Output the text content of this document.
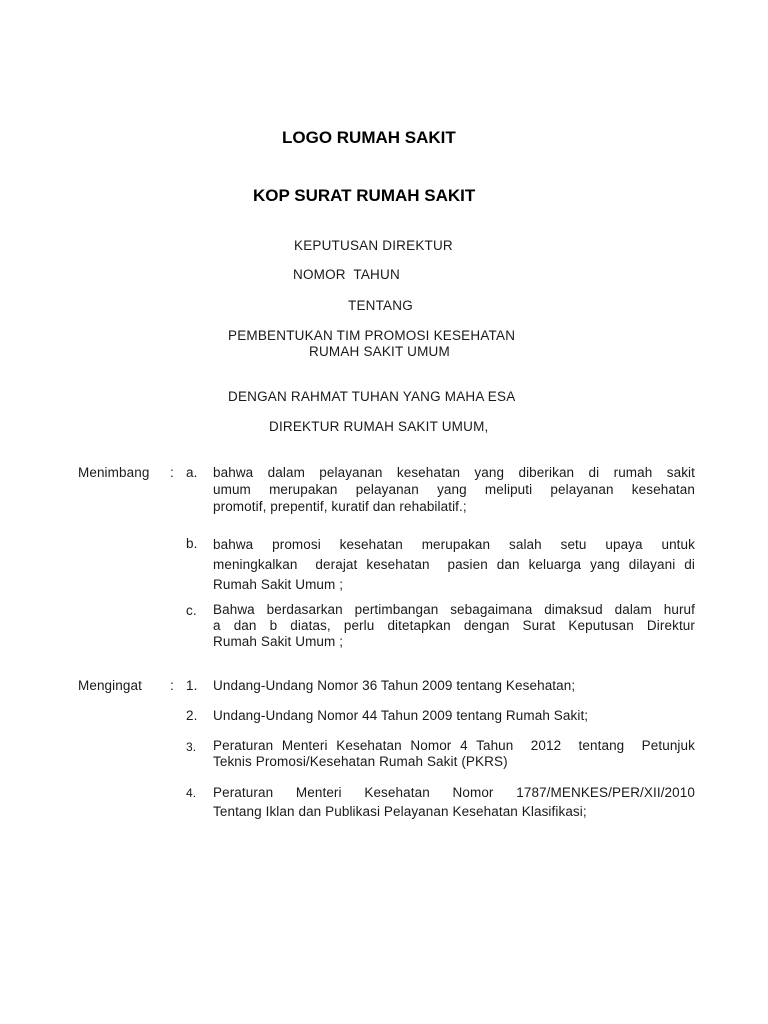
LOGO RUMAH SAKIT
KOP SURAT RUMAH SAKIT
KEPUTUSAN DIREKTUR
NOMOR  TAHUN
TENTANG
PEMBENTUKAN TIM PROMOSI KESEHATAN
RUMAH SAKIT UMUM
DENGAN RAHMAT TUHAN YANG MAHA ESA
DIREKTUR RUMAH SAKIT UMUM,
Menimbang : a. bahwa dalam pelayanan kesehatan yang diberikan di rumah sakit
umum merupakan pelayanan yang meliputi pelayanan kesehatan
promotif, prepentif, kuratif dan rehabilatif.;
b. bahwa  promosi  kesehatan  merupakan  salah  setu  upaya  untuk
meningkalkan  derajat kesehatan  pasien dan keluarga yang dilayani di
Rumah Sakit Umum ;
c. Bahwa berdasarkan pertimbangan sebagaimana dimaksud dalam huruf
a dan b diatas, perlu ditetapkan dengan Surat Keputusan Direktur
Rumah Sakit Umum ;
Mengingat : 1. Undang-Undang Nomor 36 Tahun 2009 tentang Kesehatan;
2. Undang-Undang Nomor 44 Tahun 2009 tentang Rumah Sakit;
3. Peraturan Menteri Kesehatan Nomor 4 Tahun  2012  tentang  Petunjuk
Teknis Promosi/Kesehatan Rumah Sakit (PKRS)
4. Peraturan  Menteri  Kesehatan  Nomor  1787/MENKES/PER/XII/2010
Tentang Iklan dan Publikasi Pelayanan Kesehatan Klasifikasi;
